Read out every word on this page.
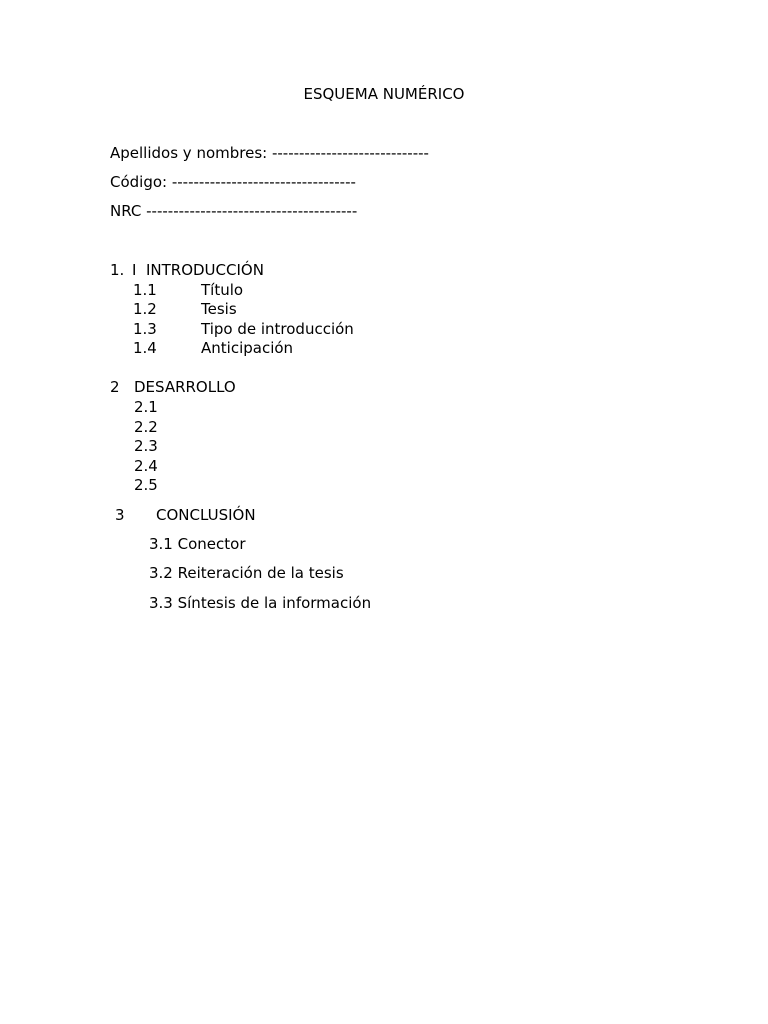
ESQUEMA NUMÉRICO
Apellidos y nombres: -----------------------------
Código: ----------------------------------
NRC ---------------------------------------
1. I  INTRODUCCIÓN
1.1	Título
1.2	Tesis
1.3	Tipo de introducción
1.4	Anticipación
2 DESARROLLO
2.1
2.2
2.3
2.4
2.5
3 CONCLUSIÓN
3.1 Conector
3.2 Reiteración de la tesis
3.3 Síntesis de la información
